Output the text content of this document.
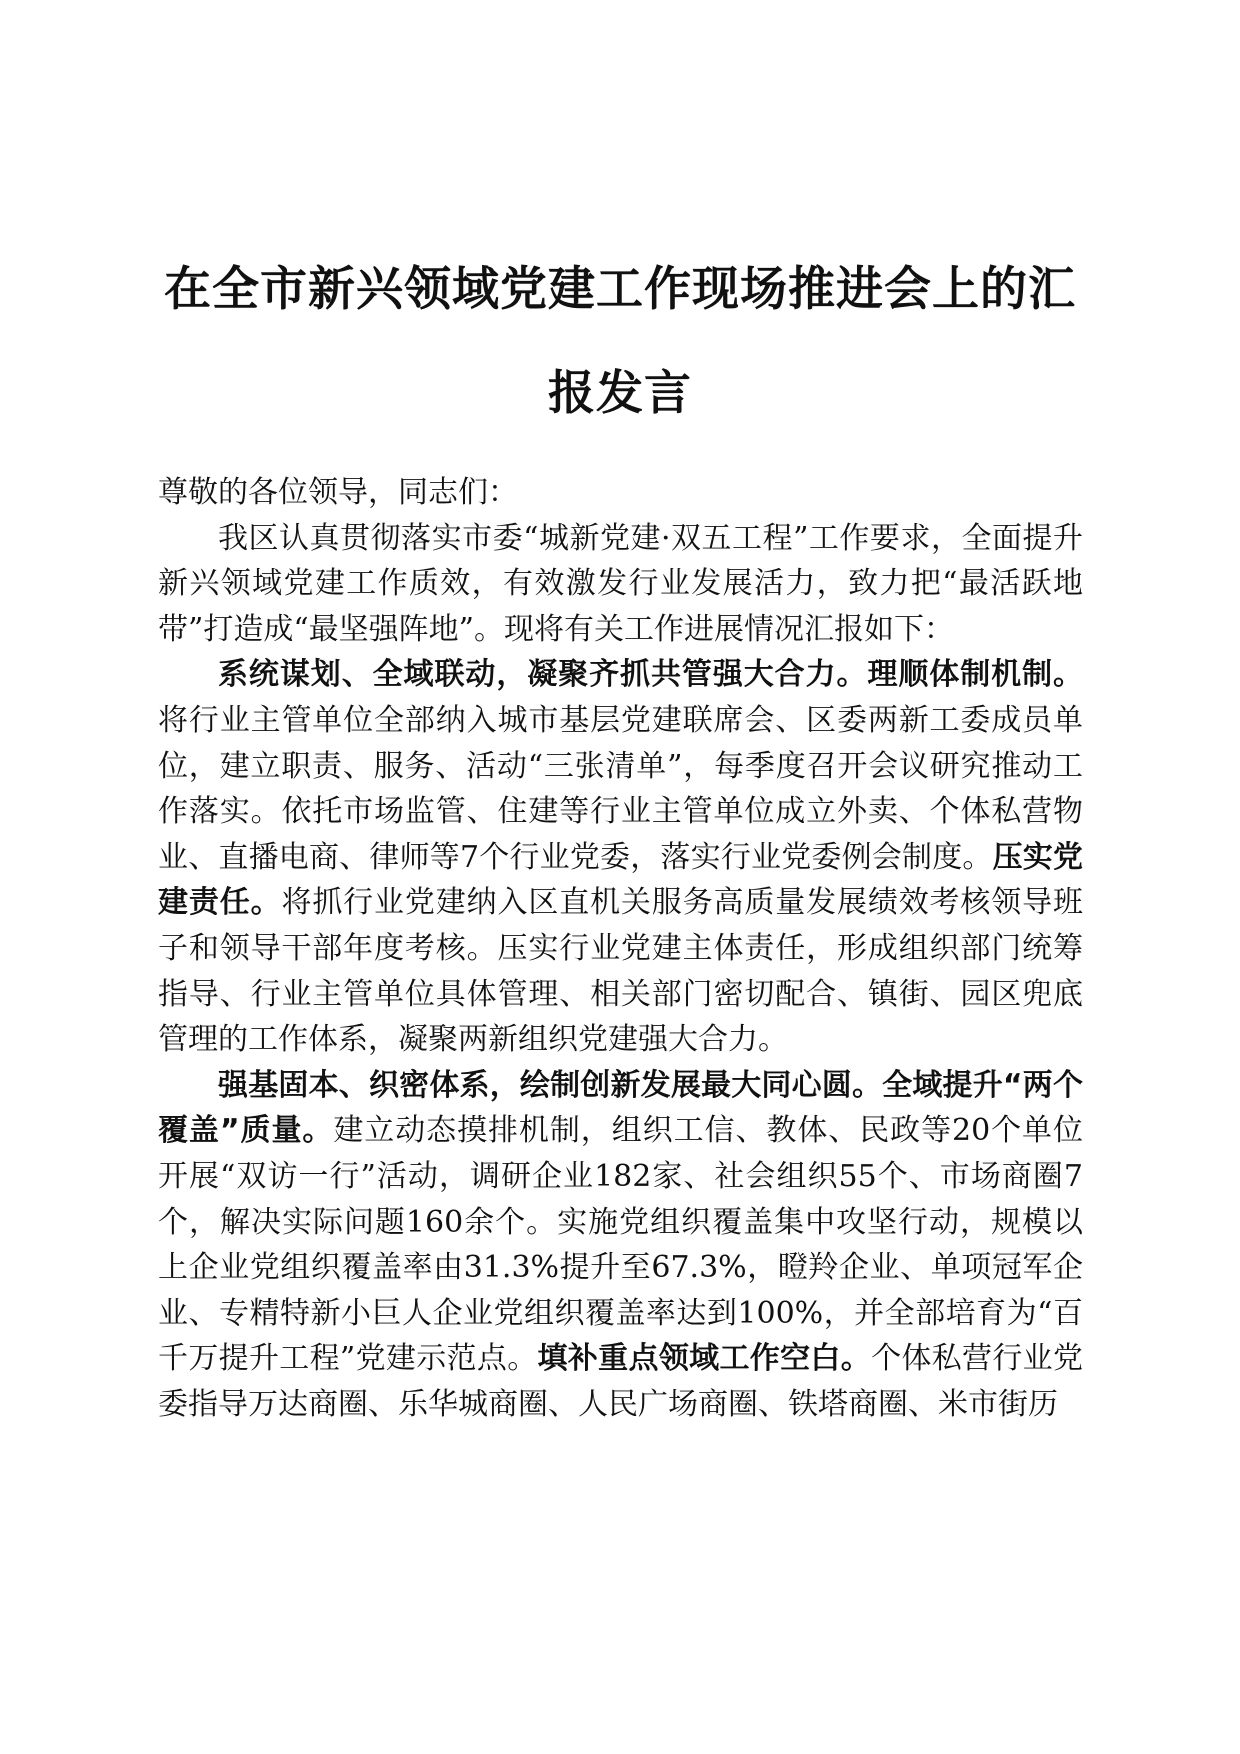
在全市新兴领域党建工作现场推进会上的汇报发言

尊敬的各位领导，同志们：

我区认真贯彻落实市委“城新党建·双五工程”工作要求，全面提升新兴领域党建工作质效，有效激发行业发展活力，致力把“最活跃地带”打造成“最坚强阵地”。现将有关工作进展情况汇报如下：

系统谋划、全域联动，凝聚齐抓共管强大合力。理顺体制机制。将行业主管单位全部纳入城市基层党建联席会、区委两新工委成员单位，建立职责、服务、活动“三张清单”，每季度召开会议研究推动工作落实。依托市场监管、住建等行业主管单位成立外卖、个体私营物业、直播电商、律师等7个行业党委，落实行业党委例会制度。压实党建责任。将抓行业党建纳入区直机关服务高质量发展绩效考核领导班子和领导干部年度考核。压实行业党建主体责任，形成组织部门统筹指导、行业主管单位具体管理、相关部门密切配合、镇街、园区兜底管理的工作体系，凝聚两新组织党建强大合力。

强基固本、织密体系，绘制创新发展最大同心圆。全域提升“两个覆盖”质量。建立动态摸排机制，组织工信、教体、民政等20个单位开展“双访一行”活动，调研企业182家、社会组织55个、市场商圈7个，解决实际问题160余个。实施党组织覆盖集中攻坚行动，规模以上企业党组织覆盖率由31.3%提升至67.3%，瞪羚企业、单项冠军企业、专精特新小巨人企业党组织覆盖率达到100%，并全部培育为“百千万提升工程”党建示范点。填补重点领域工作空白。个体私营行业党委指导万达商圈、乐华城商圈、人民广场商圈、铁塔商圈、米市街历
